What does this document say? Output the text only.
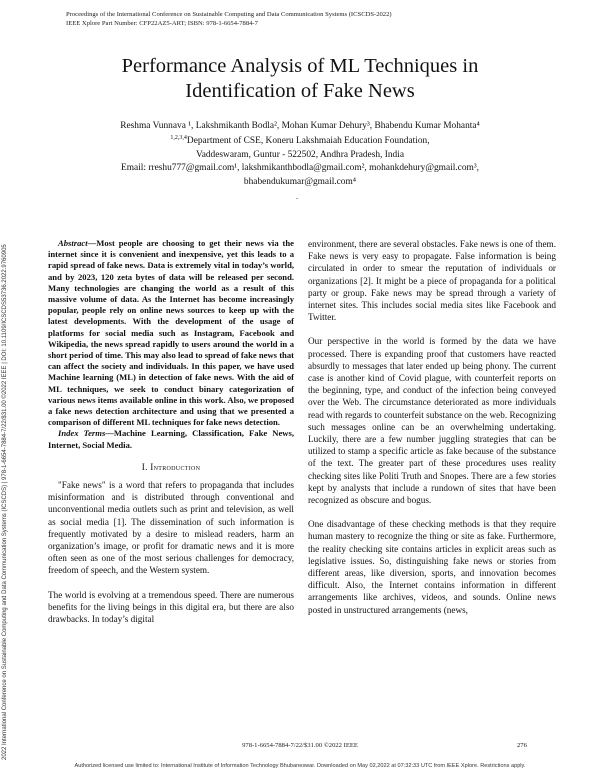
Proceedings of the International Conference on Sustainable Computing and Data Communication Systems (ICSCDS-2022)
IEEE Xplore Part Number: CFP22AZ5-ART; ISBN: 978-1-6654-7884-7
Performance Analysis of ML Techniques in
Identification of Fake News
Reshma Vunnava ¹, Lakshmikanth Bodla², Mohan Kumar Dehury³, Bhabendu Kumar Mohanta⁴
$^{1,2,3,4}$Department of CSE, Koneru Lakshmaiah Education Foundation,
Vaddeswaram, Guntur - 522502, Andhra Pradesh, India
Email: rreshu777@gmail.com¹, lakshmikanthbodla@gmail.com², mohankdehury@gmail.com³,
bhabendukumar@gmail.com⁴
.
2022 International Conference on Sustainable Computing and Data Communication Systems (ICSCDS) | 978-1-6654-7884-7/22/$31.00 ©2022 IEEE | DOI: 10.1109/ICSCDS53736.2022.9760905

Abstract—Most people are choosing to get their news via the internet since it is convenient and inexpensive, yet this leads to a rapid spread of fake news. Data is extremely vital in today’s world, and by 2023, 120 zeta bytes of data will be released per second. Many technologies are changing the world as a result of this massive volume of data. As the Internet has become increasingly popular, people rely on online news sources to keep up with the latest developments. With the development of the usage of platforms for social media such as Instagram, Facebook and Wikipedia, the news spread rapidly to users around the world in a short period of time. This may also lead to spread of fake news that can affect the society and individuals. In this paper, we have used Machine learning (ML) in detection of fake news. With the aid of ML techniques, we seek to conduct binary categorization of various news items available online in this work. Also, we proposed a fake news detection architecture and using that we presented a comparison of different ML techniques for fake news detection.

Index Terms—Machine Learning, Classification, Fake News, Internet, Social Media.

I. Introduction

"Fake news" is a word that refers to propaganda that includes misinformation and is distributed through conventional and unconventional media outlets such as print and television, as well as social media [1]. The dissemination of such information is frequently motivated by a desire to mislead readers, harm an organization’s image, or profit for dramatic news and it is more often seen as one of the most serious challenges for democracy, freedom of speech, and the Western system.

The world is evolving at a tremendous speed. There are numerous benefits for the living beings in this digital era, but there are also drawbacks. In today’s digital

environment, there are several obstacles. Fake news is one of them. Fake news is very easy to propagate. False information is being circulated in order to smear the reputation of individuals or organizations [2]. It might be a piece of propaganda for a political party or group. Fake news may be spread through a variety of internet sites. This includes social media sites like Facebook and Twitter.

Our perspective in the world is formed by the data we have processed. There is expanding proof that customers have reacted absurdly to messages that later ended up being phony. The current case is another kind of Covid plague, with counterfeit reports on the beginning, type, and conduct of the infection being conveyed over the Web. The circumstance deteriorated as more individuals read with regards to counterfeit substance on the web. Recognizing such messages online can be an overwhelming undertaking. Luckily, there are a few number juggling strategies that can be utilized to stamp a specific article as fake because of the substance of the text. The greater part of these procedures uses reality checking sites like Politi Truth and Snopes. There are a few stories kept by analysts that include a rundown of sites that have been recognized as obscure and bogus.

One disadvantage of these checking methods is that they require human mastery to recognize the thing or site as fake. Furthermore, the reality checking site contains articles in explicit areas such as legislative issues. So, distinguishing fake news or stories from different areas, like diversion, sports, and innovation becomes difficult. Also, the Internet contains information in different arrangements like archives, videos, and sounds. Online news posted in unstructured arrangements (news,

978-1-6654-7884-7/22/$31.00 ©2022 IEEE	276
Authorized licensed use limited to: International Institute of Information Technology Bhubaneswar. Downloaded on May 02,2022 at 07:32:33 UTC from IEEE Xplore. Restrictions apply.
